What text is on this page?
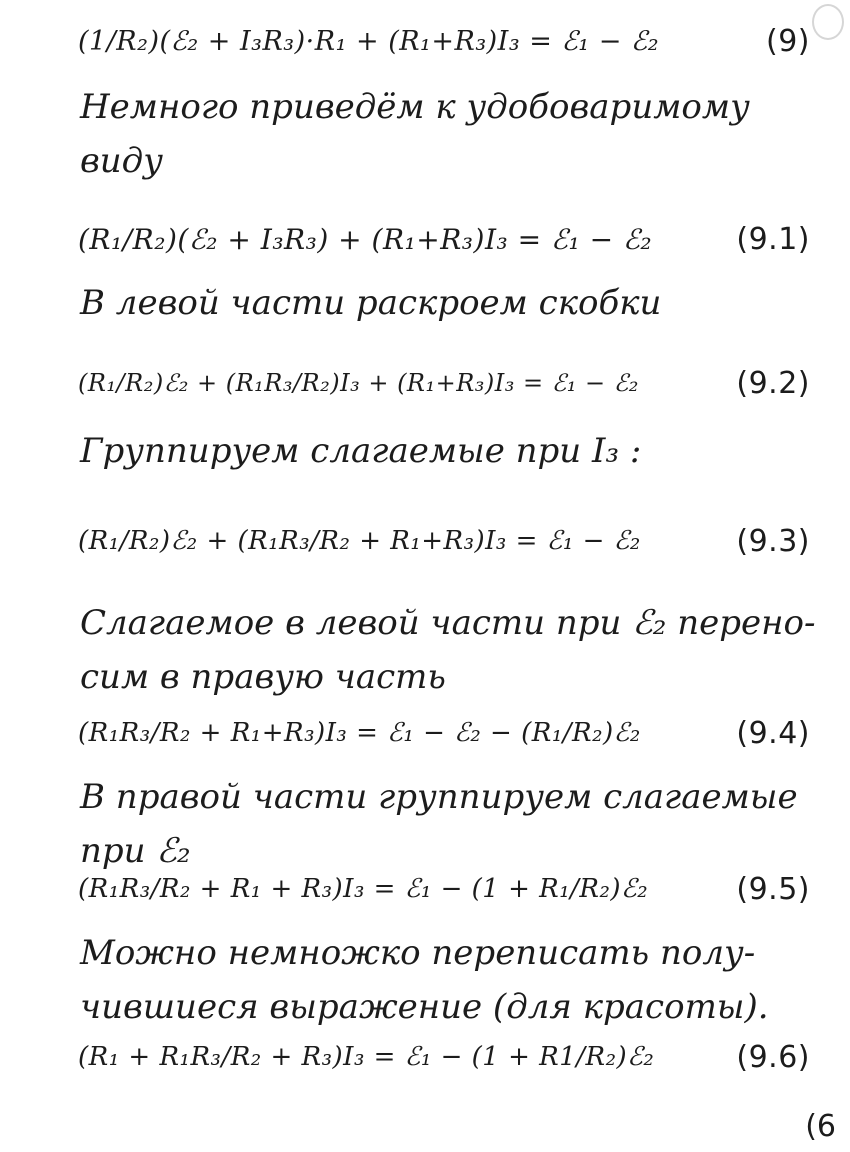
(1/R₂)(ℰ₂ + I₃R₃)·R₁ + (R₁+R₃)I₃ = ℰ₁ − ℰ₂	(9)
Немного приведём к удобоваримому
виду
(R₁/R₂)(ℰ₂ + I₃R₃) + (R₁+R₃)I₃ = ℰ₁ − ℰ₂	(9.1)
В левой части раскроем скобки
(R₁/R₂)ℰ₂ + (R₁R₃/R₂)I₃ + (R₁+R₃)I₃ = ℰ₁ − ℰ₂	(9.2)
Группируем слагаемые при I₃ :
(R₁/R₂)ℰ₂ + (R₁R₃/R₂ + R₁+R₃)I₃ = ℰ₁ − ℰ₂	(9.3)
Слагаемое в левой части при ℰ₂ перено-
сим в правую часть
(R₁R₃/R₂ + R₁+R₃)I₃ = ℰ₁ − ℰ₂ − (R₁/R₂)ℰ₂	(9.4)
В правой части группируем слагаемые
при ℰ₂
(R₁R₃/R₂ + R₁ + R₃)I₃ = ℰ₁ − (1 + R₁/R₂)ℰ₂	(9.5)
Можно немножко переписать полу-
чившиеся выражение (для красоты).
(R₁ + R₁R₃/R₂ + R₃)I₃ = ℰ₁ − (1 + R1/R₂)ℰ₂	(9.6)
(6
